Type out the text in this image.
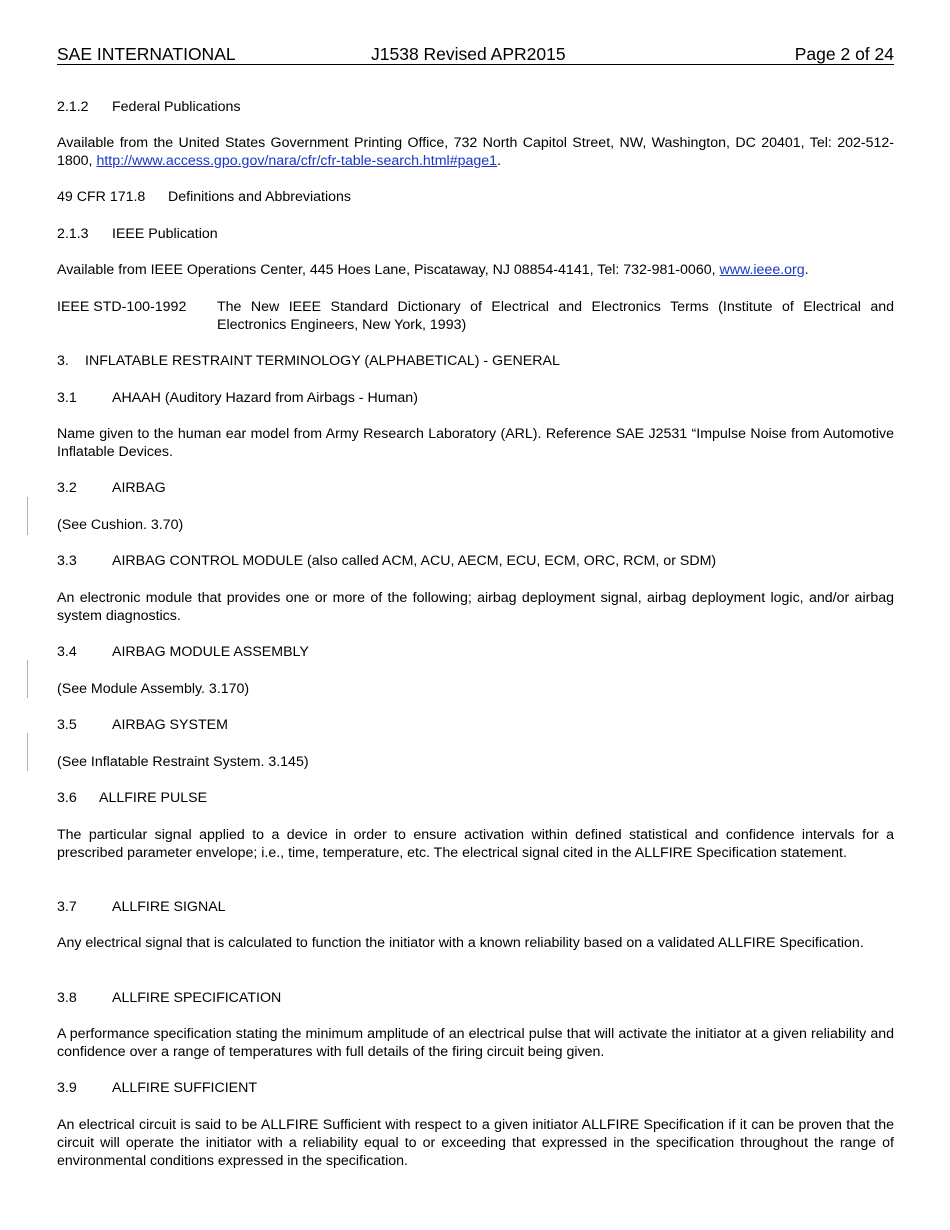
SAE INTERNATIONAL	J1538 Revised APR2015	Page 2 of 24
2.1.2 Federal Publications

Available from the United States Government Printing Office, 732 North Capitol Street, NW, Washington, DC 20401, Tel: 202-512-1800, http://www.access.gpo.gov/nara/cfr/cfr-table-search.html#page1.

49 CFR 171.8 Definitions and Abbreviations
2.1.3 IEEE Publication

Available from IEEE Operations Center, 445 Hoes Lane, Piscataway, NJ 08854-4141, Tel: 732-981-0060, www.ieee.org.

IEEE STD-100-1992 The New IEEE Standard Dictionary of Electrical and Electronics Terms (Institute of Electrical and Electronics Engineers, New York, 1993)
3. INFLATABLE RESTRAINT TERMINOLOGY (ALPHABETICAL) - GENERAL
3.1 AHAAH (Auditory Hazard from Airbags - Human)

Name given to the human ear model from Army Research Laboratory (ARL). Reference SAE J2531 “Impulse Noise from Automotive Inflatable Devices.

3.2 AIRBAG

(See Cushion. 3.70)

3.3 AIRBAG CONTROL MODULE (also called ACM, ACU, AECM, ECU, ECM, ORC, RCM, or SDM)

An electronic module that provides one or more of the following; airbag deployment signal, airbag deployment logic, and/or airbag system diagnostics.

3.4 AIRBAG MODULE ASSEMBLY

(See Module Assembly. 3.170)

3.5 AIRBAG SYSTEM

(See Inflatable Restraint System. 3.145)

3.6 ALLFIRE PULSE

The particular signal applied to a device in order to ensure activation within defined statistical and confidence intervals for a prescribed parameter envelope; i.e., time, temperature, etc. The electrical signal cited in the ALLFIRE Specification statement.

3.7 ALLFIRE SIGNAL

Any electrical signal that is calculated to function the initiator with a known reliability based on a validated ALLFIRE Specification.

3.8 ALLFIRE SPECIFICATION

A performance specification stating the minimum amplitude of an electrical pulse that will activate the initiator at a given reliability and confidence over a range of temperatures with full details of the firing circuit being given.

3.9 ALLFIRE SUFFICIENT

An electrical circuit is said to be ALLFIRE Sufficient with respect to a given initiator ALLFIRE Specification if it can be proven that the circuit will operate the initiator with a reliability equal to or exceeding that expressed in the specification throughout the range of environmental conditions expressed in the specification.
